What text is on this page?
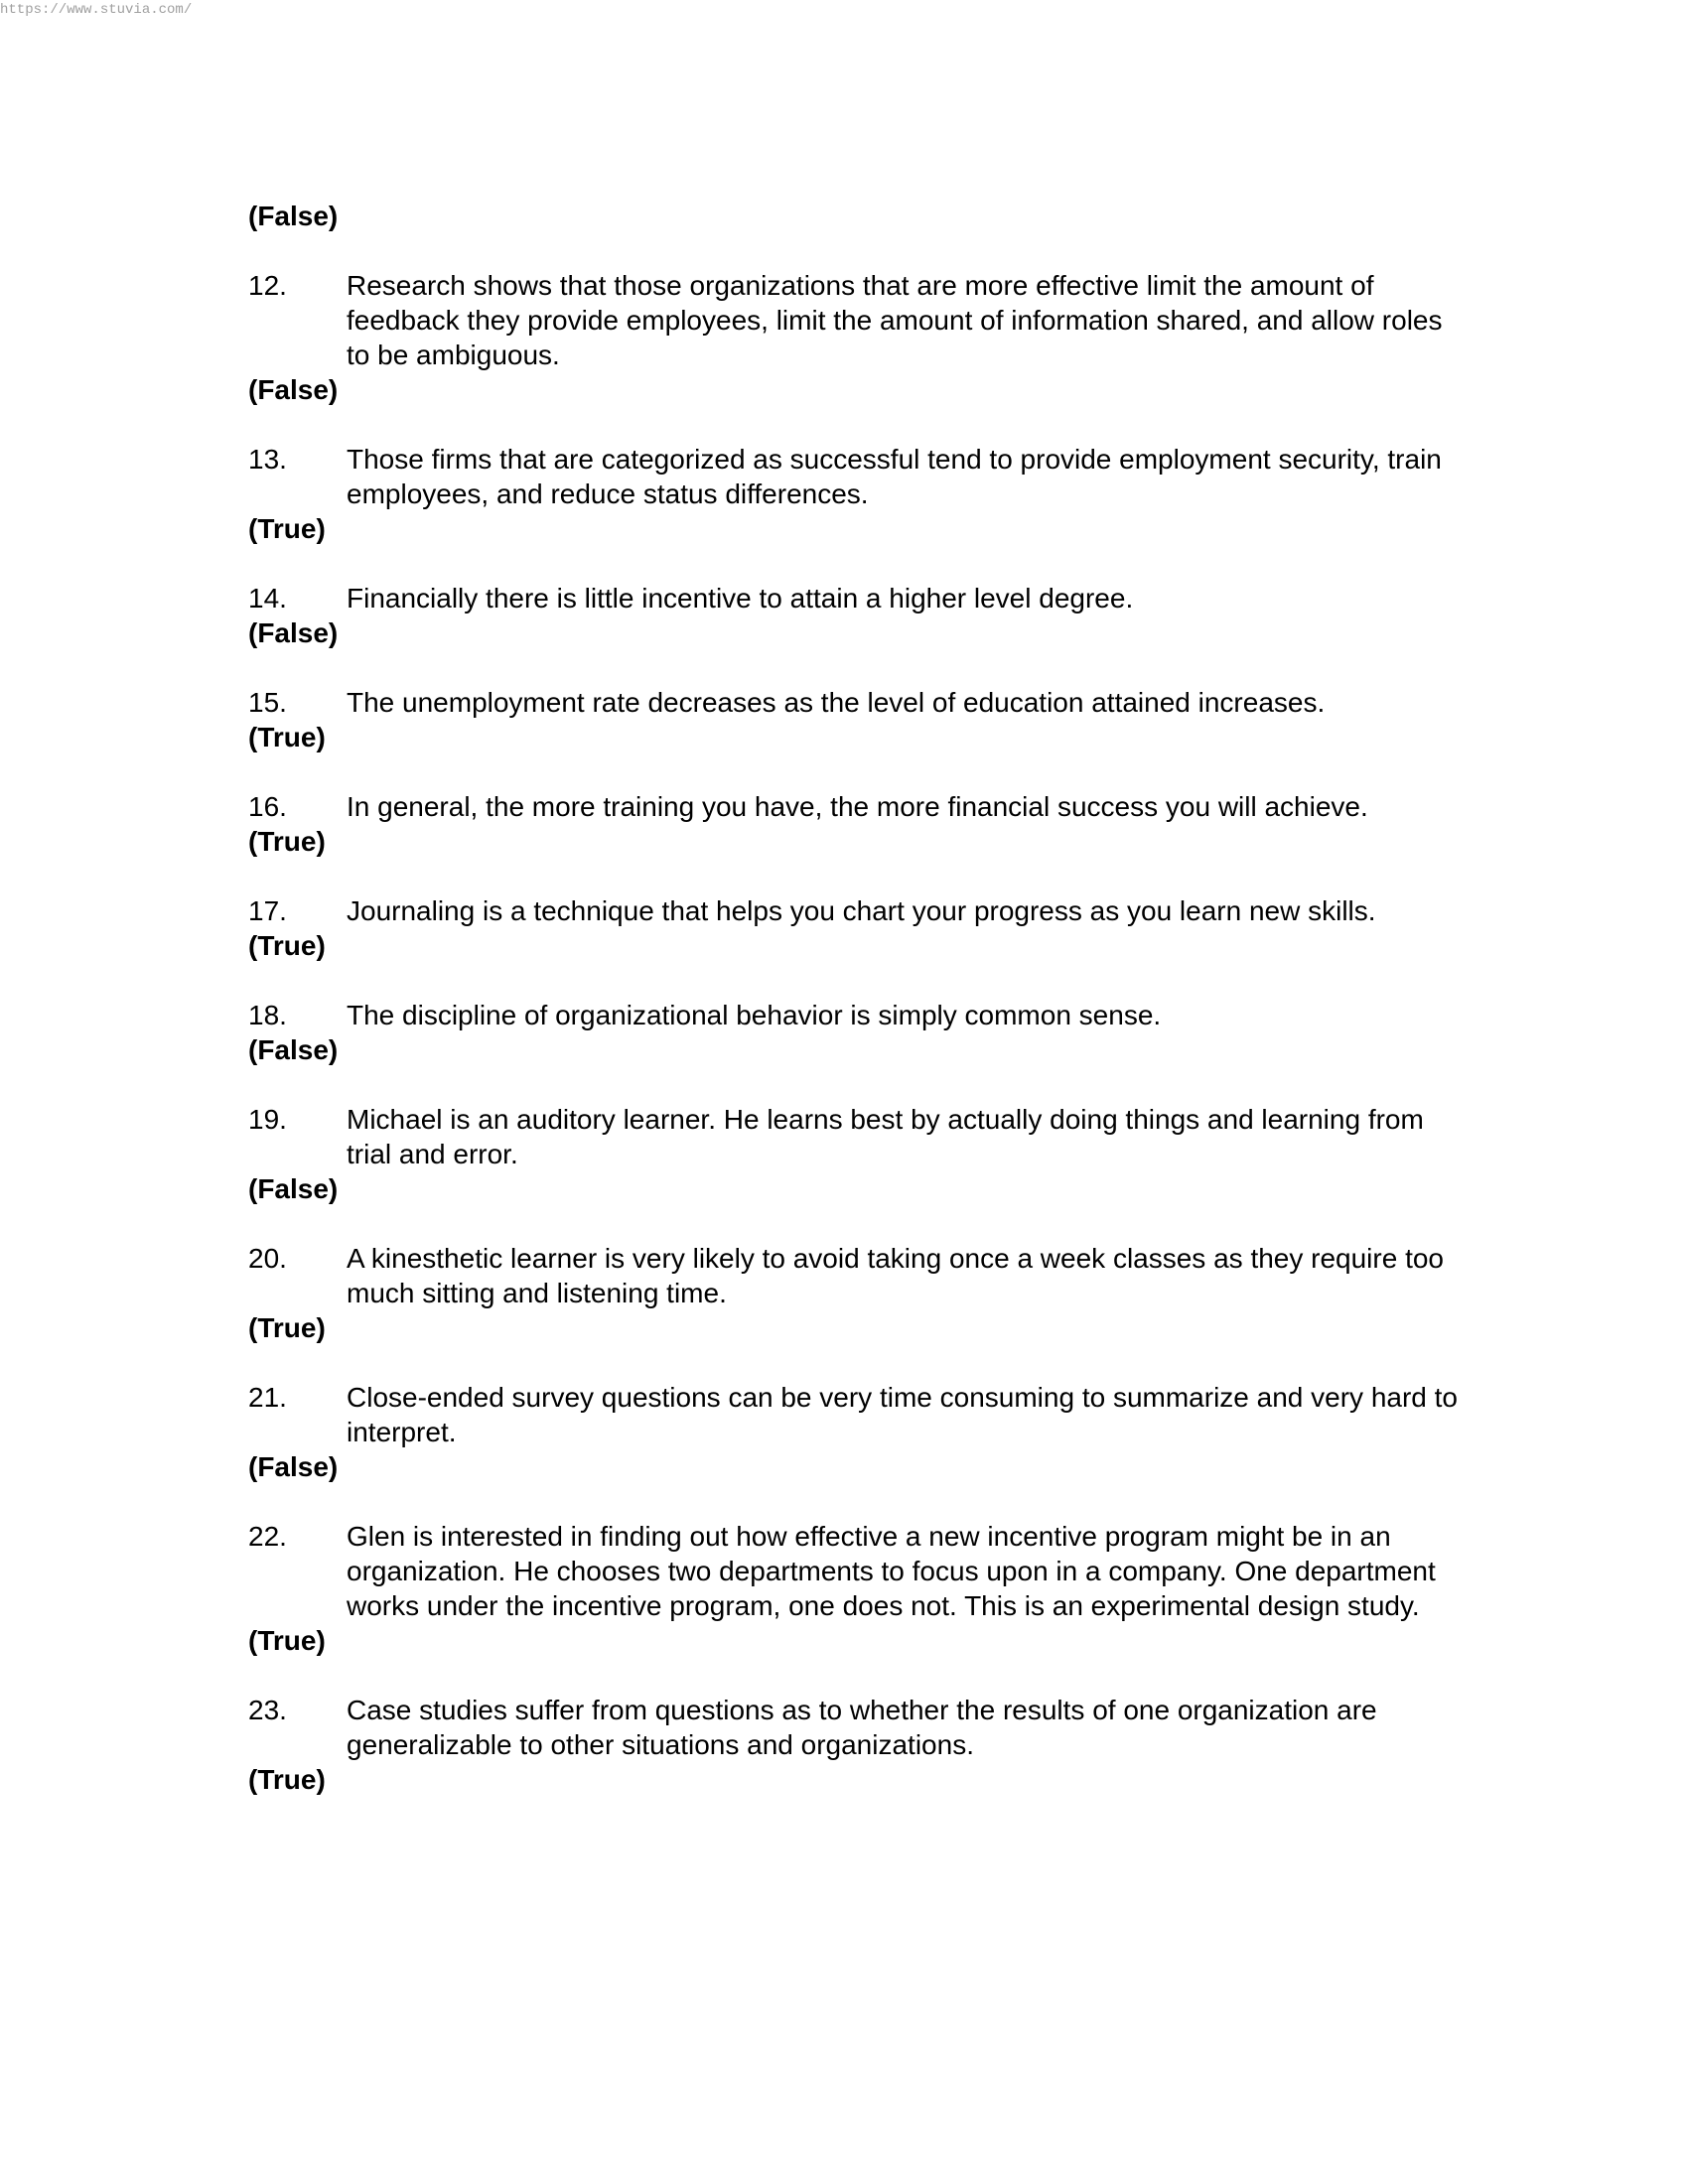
https://www.stuvia.com/
(False)
12.	Research shows that those organizations that are more effective limit the amount of feedback they provide employees, limit the amount of information shared, and allow roles to be ambiguous.
(False)
13.	Those firms that are categorized as successful tend to provide employment security, train employees, and reduce status differences.
(True)
14.	Financially there is little incentive to attain a higher level degree.
(False)
15.	The unemployment rate decreases as the level of education attained increases.
(True)
16.	In general, the more training you have, the more financial success you will achieve.
(True)
17.	Journaling is a technique that helps you chart your progress as you learn new skills.
(True)
18.	The discipline of organizational behavior is simply common sense.
(False)
19.	Michael is an auditory learner. He learns best by actually doing things and learning from trial and error.
(False)
20.	A kinesthetic learner is very likely to avoid taking once a week classes as they require too much sitting and listening time.
(True)
21.	Close-ended survey questions can be very time consuming to summarize and very hard to interpret.
(False)
22.	Glen is interested in finding out how effective a new incentive program might be in an organization. He chooses two departments to focus upon in a company. One department works under the incentive program, one does not. This is an experimental design study.
(True)
23.	Case studies suffer from questions as to whether the results of one organization are generalizable to other situations and organizations.
(True)
